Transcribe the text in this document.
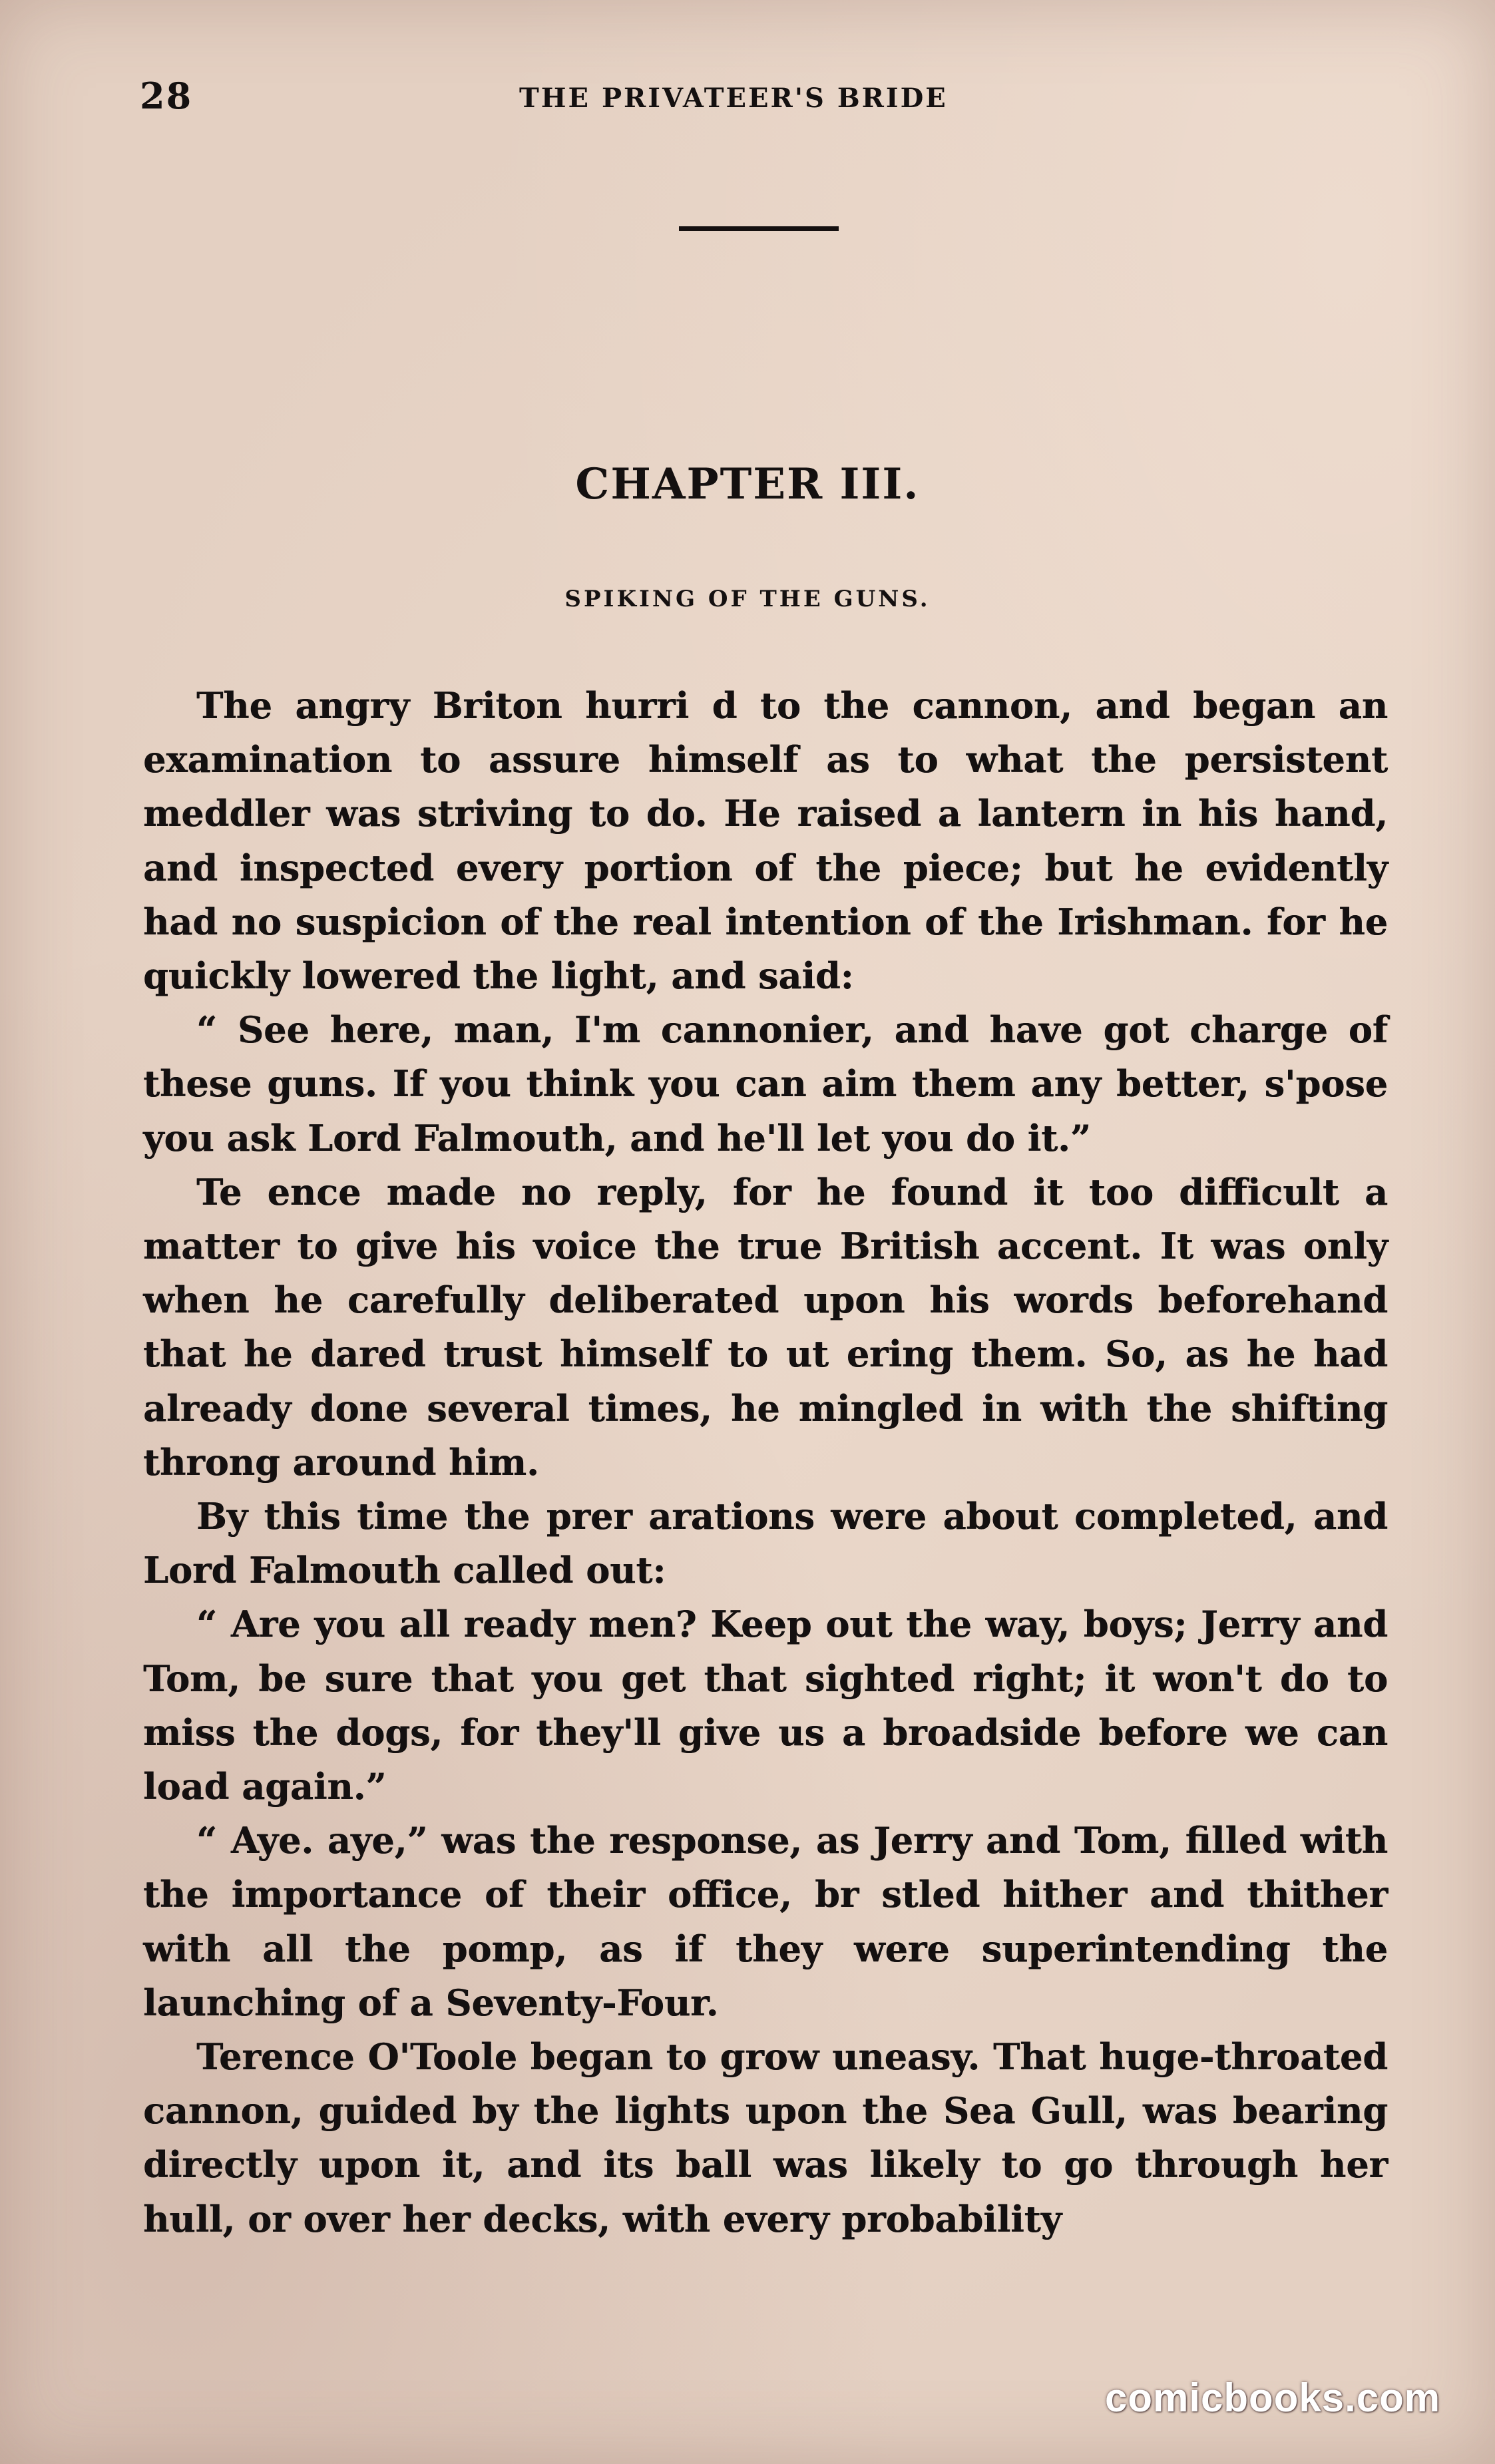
28	THE PRIVATEER'S BRIDE
CHAPTER III.
SPIKING OF THE GUNS.

The angry Briton hurri d to the cannon, and began an examination to assure himself as to what the persistent meddler was striving to do. He raised a lantern in his hand, and inspected every portion of the piece; but he evidently had no suspicion of the real intention of the Irishman. for he quickly lowered the light, and said:

“ See here, man, I'm cannonier, and have got charge of these guns. If you think you can aim them any better, s'pose you ask Lord Falmouth, and he'll let you do it.”

Te ence made no reply, for he found it too difficult a matter to give his voice the true British accent. It was only when he carefully deliberated upon his words beforehand that he dared trust himself to ut ering them. So, as he had already done several times, he mingled in with the shifting throng around him.

By this time the prer arations were about completed, and Lord Falmouth called out:

“ Are you all ready men? Keep out the way, boys; Jerry and Tom, be sure that you get that sighted right; it won't do to miss the dogs, for they'll give us a broadside before we can load again.”

“ Aye. aye,” was the response, as Jerry and Tom, filled with the importance of their office, br stled hither and thither with all the pomp, as if they were superintending the launching of a Seventy-Four.

Terence O'Toole began to grow uneasy. That huge-throated cannon, guided by the lights upon the Sea Gull, was bearing directly upon it, and its ball was likely to go through her hull, or over her decks, with every probability

comicbooks.com
